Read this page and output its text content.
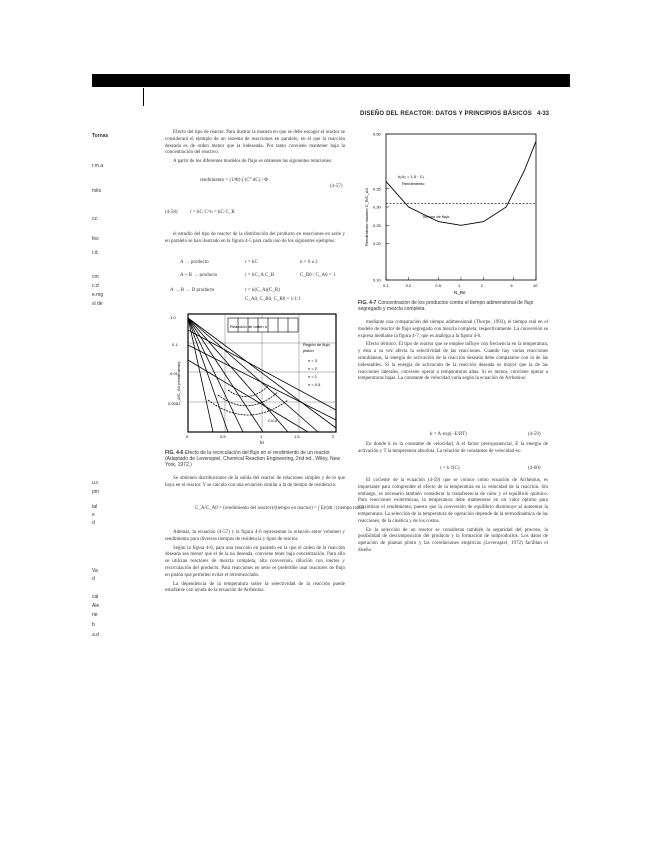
DISEÑO DEL REACTOR: DATOS Y PRINCIPIOS BÁSICOS 4-33
Tornas
r.m.a
mks
cz.
fes
r.d
cm
c.d
e.mg
sl de
u.c
pm
tal
e
d
Va
d
cal
Ale
ne
b
a.d

Efecto del tipo de reactor. Para ilustrar la manera en que se debe escoger el reactor se considerará el ejemplo de un sistema de reacciones en paralelo, en el que la reacción deseada es de orden menor que la indeseada. Por tanto conviene mantener baja la concentración del reactivo.

A partir de los diferentes modelos de flujo se obtienen las siguientes relaciones:

rendimiento = (1/Φ)·∫ (C° dC) / Φ
(4-57)
r = kC·C^n = kC·C_R
(4-58)

el estudio del tipo de reactor de la distribución del producto en reacciones en serie y en paralelo se han ilustrado en la figura 4-5 para cada uno de los siguientes ejemplos:

A → producto	r = kC	n = 0 a 3
A + B → producto	r = kC_A C_B	C_B0 / C_A0 = 1
A → R → D producto	r = k(C_A)(C_R)
C_A0, C_B0, C_R0 = 1:1:1
Reacción de orden n
Región de flujo
pistón
n = 3
n = 2
n = 1
n = 0.5
C/Co
1.0
0.1
0.01
0.001
0	0.5	1	1.5	2
kτ
C_A/C_A0 (rendimiento)
FIG. 4-6 Efecto de la recirculación del flujo en el rendimiento de un reactor. (Adaptado de Levenspiel, Chemical Reaction Engineering, 2nd ed., Wiley, New York, 1972.)

Se obtienen distribuciones de la salida del reactor de relaciones simples y de lo que haya en el reactor. Y se calcula con una ecuación similar a la de tiempo de residencia:

C_A/C_A0 = (rendimiento del reactor)/(tiempo en reactor) = ∫ E(t)dt / (tiempo total)

Además, la ecuación (4-57) y la figura 4-6 representan la relación entre volumen y rendimiento para diversos tiempos de residencia y tipos de reactor.

Según la figura 4-6, para una reacción en paralelo en la que el orden de la reacción deseada sea menor que el de la no deseada, conviene tener baja concentración. Para ello se utilizan reactores de mezcla completa, alta conversión, dilución con inertes y recirculación del producto. Para reacciones en serie es preferible usar reactores de flujo en pistón que permiten evitar el retromezclado.

La dependencia de la temperatura sobre la selectividad de la reacción puede estudiarse con ayuda de la ecuación de Arrhenius.

0.50
0.35
0.30
0.25
0.20
0.10
0.1	0.2	0.5	1	2	5	10
k₁/k₂ = 1.5 · C₀
Rendimiento
Tiempo de flujo
N_Re
Rendimiento máximo C_R/C_A0
FIG. 4-7 Concentración de los productos contra el tiempo adimensional de flujo segregado y mezcla completa.

mediante una comparación del tiempo adimensional (Thorpe, 1993), el tiempo real en el modelo de reactor de flujo segregado con mezcla completa, respectivamente. La conversión se expresa mediante la figura 4-7, que es análoga a la figura 4-6.

Efecto térmico. El tipo de reactor que se emplee influye con frecuencia en la temperatura, y ésta a su vez afecta la selectividad de las reacciones. Cuando hay varias reacciones simultáneas, la energía de activación de la reacción deseada debe compararse con la de las indeseables. Si la energía de activación de la reacción deseada es mayor que la de las reacciones laterales, conviene operar a temperaturas altas. Si es menor, conviene operar a temperaturas bajas. La constante de velocidad varía según la ecuación de Arrhenius:

k = A·exp(−E/RT)	(4-59)

En donde k es la constante de velocidad, A el factor preexponencial, E la energía de activación y T la temperatura absoluta. La relación de constantes de velocidad es:

r = k·f(C)	(4-60)

El cociente de la ecuación (4-59) que se conoce como ecuación de Arrhenius, es importante para comprender el efecto de la temperatura en la velocidad de la reacción. Sin embargo, es necesario también considerar la transferencia de calor y el equilibrio químico. Para reacciones exotérmicas, la temperatura debe mantenerse en un valor óptimo para maximizar el rendimiento, puesto que la conversión de equilibrio disminuye al aumentar la temperatura. La selección de la temperatura de operación depende de la termodinámica de las reacciones, de la cinética y de los costos.

En la selección de un reactor se consideran también la seguridad del proceso, la posibilidad de descomposición del producto y la formación de subproductos. Los datos de operación de plantas piloto y las correlaciones empíricas (Levenspiel, 1972) facilitan el diseño.
